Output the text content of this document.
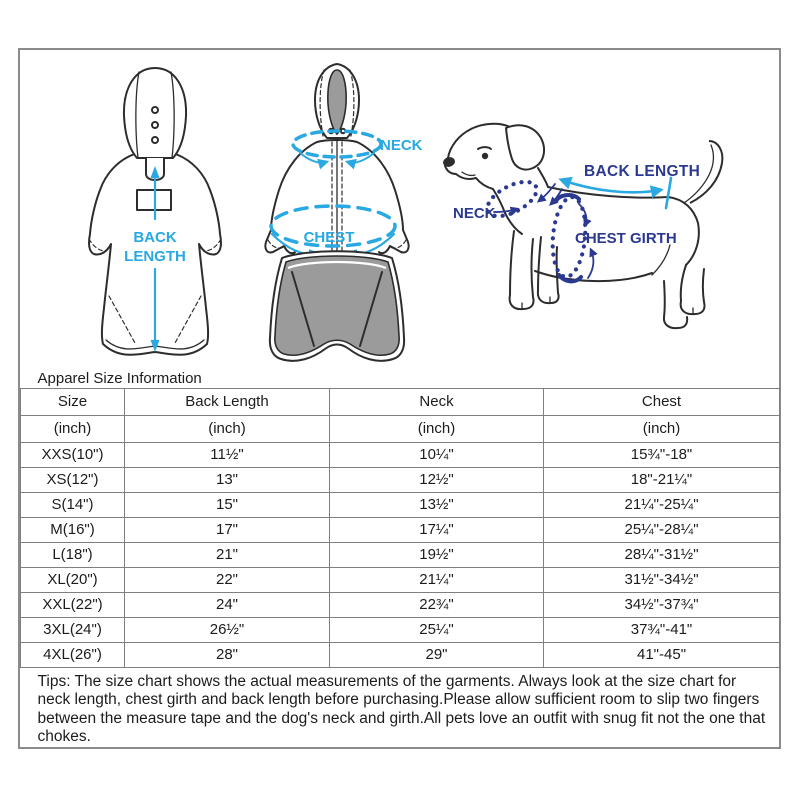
BACK
LENGTH
NECK
CHEST
BACK LENGTH
NECK
CHEST GIRTH
Apparel Size Information			
Size	Back Length	Neck	Chest
(inch)	(inch)	(inch)	(inch)
XXS(10")	11½"	10¼"	15¾"-18"
XS(12")	13"	12½"	18"-21¼"
S(14")	15"	13½"	21¼"-25¼"
M(16")	17"	17¼"	25¼"-28¼"
L(18")	21"	19½"	28¼"-31½"
XL(20")	22"	21¼"	31½"-34½"
XXL(22")	24"	22¾"	34½"-37¾"
3XL(24")	26½"	25¼"	37¾"-41"
4XL(26")	28"	29"	41"-45"
Tips: The size chart shows the actual measurements of the garments. Always look at the size chart for neck length, chest girth and back length before purchasing.Please allow sufficient room to slip two fingers between the measure tape and the dog's neck and girth.All pets love an outfit with snug fit not the one that chokes.			
